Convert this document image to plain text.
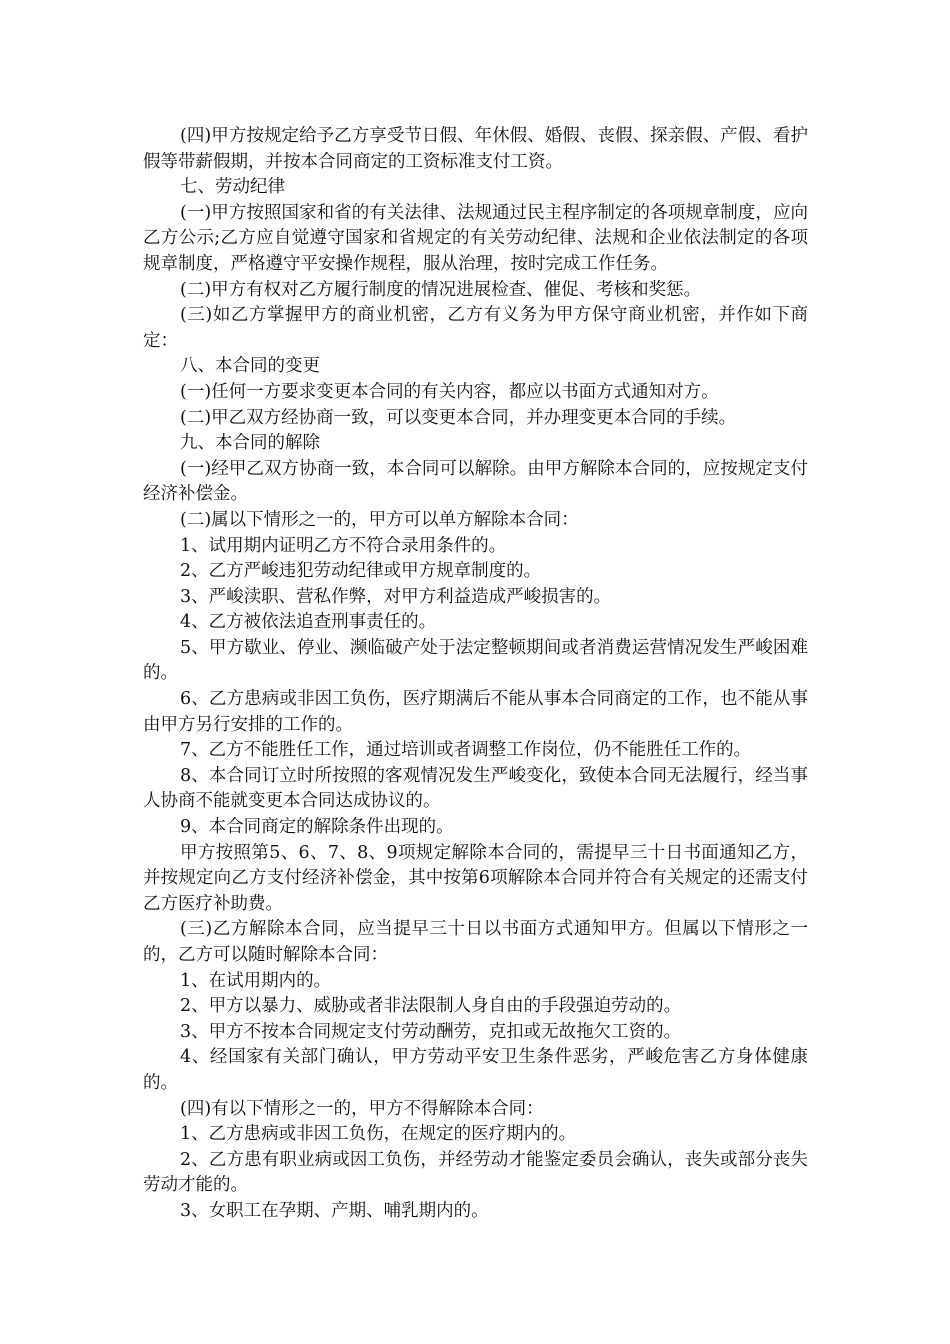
(四)甲方按规定给予乙方享受节日假、年休假、婚假、丧假、探亲假、产假、看护假等带薪假期，并按本合同商定的工资标准支付工资。

七、劳动纪律

(一)甲方按照国家和省的有关法律、法规通过民主程序制定的各项规章制度，应向乙方公示;乙方应自觉遵守国家和省规定的有关劳动纪律、法规和企业依法制定的各项规章制度，严格遵守平安操作规程，服从治理，按时完成工作任务。

(二)甲方有权对乙方履行制度的情况进展检查、催促、考核和奖惩。

(三)如乙方掌握甲方的商业机密，乙方有义务为甲方保守商业机密，并作如下商定：

八、本合同的变更

(一)任何一方要求变更本合同的有关内容，都应以书面方式通知对方。

(二)甲乙双方经协商一致，可以变更本合同，并办理变更本合同的手续。

九、本合同的解除

(一)经甲乙双方协商一致，本合同可以解除。由甲方解除本合同的，应按规定支付经济补偿金。

(二)属以下情形之一的，甲方可以单方解除本合同：

1、试用期内证明乙方不符合录用条件的。

2、乙方严峻违犯劳动纪律或甲方规章制度的。

3、严峻渎职、营私作弊，对甲方利益造成严峻损害的。

4、乙方被依法追查刑事责任的。

5、甲方歇业、停业、濒临破产处于法定整顿期间或者消费运营情况发生严峻困难的。

6、乙方患病或非因工负伤，医疗期满后不能从事本合同商定的工作，也不能从事由甲方另行安排的工作的。

7、乙方不能胜任工作，通过培训或者调整工作岗位，仍不能胜任工作的。

8、本合同订立时所按照的客观情况发生严峻变化，致使本合同无法履行，经当事人协商不能就变更本合同达成协议的。

9、本合同商定的解除条件出现的。

甲方按照第5、6、7、8、9项规定解除本合同的，需提早三十日书面通知乙方，并按规定向乙方支付经济补偿金，其中按第6项解除本合同并符合有关规定的还需支付乙方医疗补助费。

(三)乙方解除本合同，应当提早三十日以书面方式通知甲方。但属以下情形之一的，乙方可以随时解除本合同：

1、在试用期内的。

2、甲方以暴力、威胁或者非法限制人身自由的手段强迫劳动的。

3、甲方不按本合同规定支付劳动酬劳，克扣或无故拖欠工资的。

4、经国家有关部门确认，甲方劳动平安卫生条件恶劣，严峻危害乙方身体健康的。

(四)有以下情形之一的，甲方不得解除本合同：

1、乙方患病或非因工负伤，在规定的医疗期内的。

2、乙方患有职业病或因工负伤，并经劳动才能鉴定委员会确认，丧失或部分丧失劳动才能的。

3、女职工在孕期、产期、哺乳期内的。
